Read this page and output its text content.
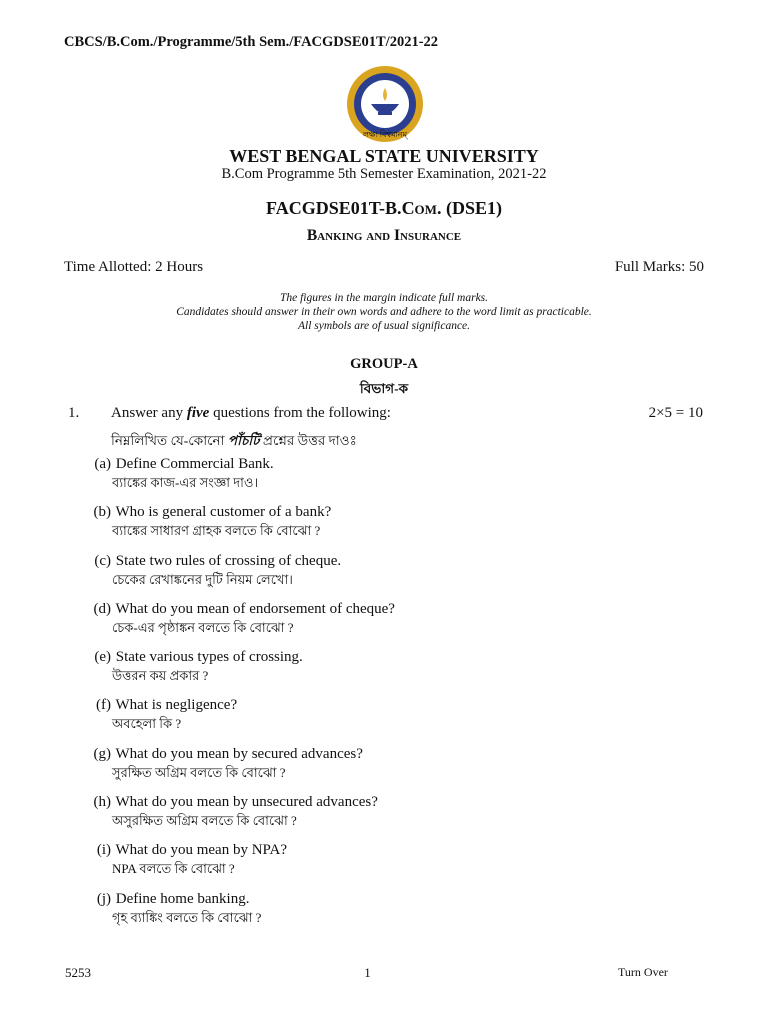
CBCS/B.Com./Programme/5th Sem./FACGDSE01T/2021-22
লক্ষ্য বিশ্বমানম্
WEST BENGAL STATE UNIVERSITY
B.Com Programme 5th Semester Examination, 2021-22
FACGDSE01T-B.Com. (DSE1)
Banking and Insurance
Time Allotted: 2 Hours	Full Marks: 50
The figures in the margin indicate full marks.
Candidates should answer in their own words and adhere to the word limit as practicable.
All symbols are of usual significance.
GROUP-A
বিভাগ-ক
1. Answer any five questions from the following:	2×5 = 10
নিম্নলিখিত যে-কোনো পাঁচটি প্রশ্নের উত্তর দাওঃ
(a) Define Commercial Bank.
ব্যাঙ্কের কাজ-এর সংজ্ঞা দাও।
(b) Who is general customer of a bank?
ব্যাঙ্কের সাধারণ গ্রাহক বলতে কি বোঝো ?
(c) State two rules of crossing of cheque.
চেকের রেখাঙ্কনের দুটি নিয়ম লেখো।
(d) What do you mean of endorsement of cheque?
চেক-এর পৃষ্ঠাঙ্কন বলতে কি বোঝো ?
(e) State various types of crossing.
উত্তরন কয় প্রকার ?
(f) What is negligence?
অবহেলা কি ?
(g) What do you mean by secured advances?
সুরক্ষিত অগ্রিম বলতে কি বোঝো ?
(h) What do you mean by unsecured advances?
অসুরক্ষিত অগ্রিম বলতে কি বোঝো ?
(i) What do you mean by NPA?
NPA বলতে কি বোঝো ?
(j) Define home banking.
গৃহ ব্যাঙ্কিং বলতে কি বোঝো ?
5253	1	Turn Over
